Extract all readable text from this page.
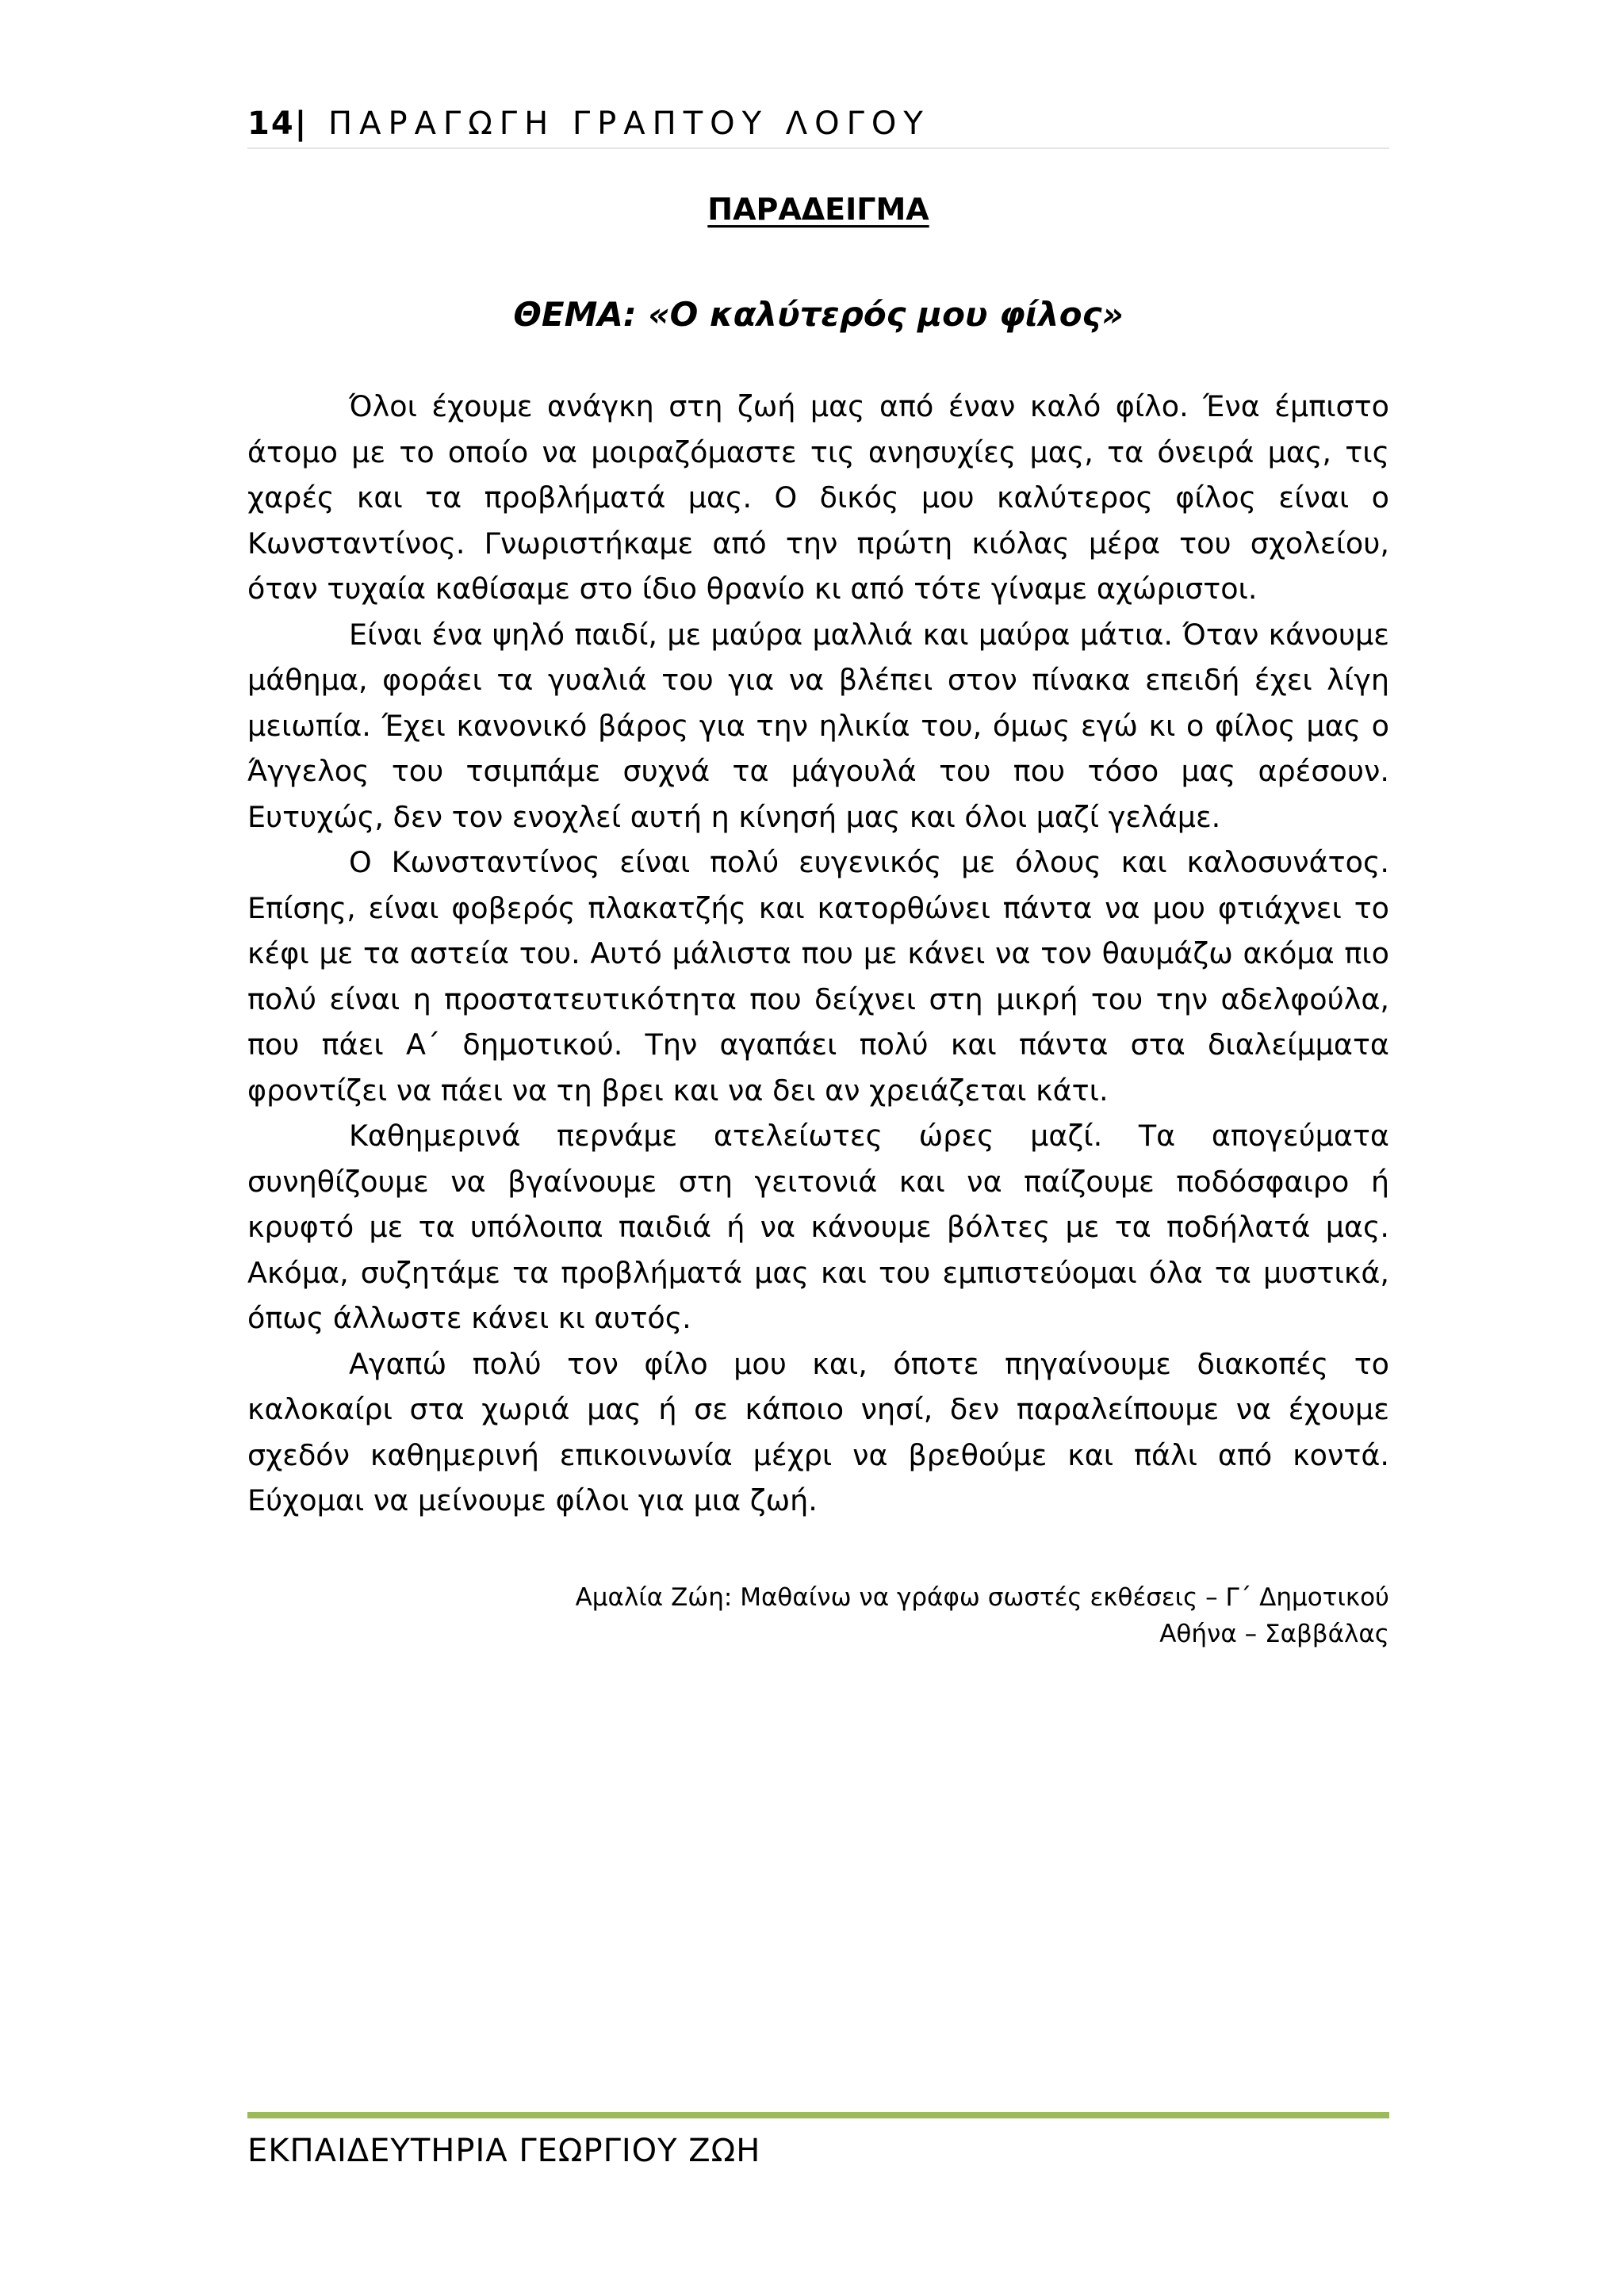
14| ΠΑΡΑΓΩΓΗ ΓΡΑΠΤΟΥ ΛΟΓΟΥ
ΠΑΡΑΔΕΙΓΜΑ
ΘΕΜΑ: «Ο καλύτερός μου φίλος»

Όλοι έχουμε ανάγκη στη ζωή μας από έναν καλό φίλο. Ένα έμπιστο άτομο με το οποίο να μοιραζόμαστε τις ανησυχίες μας, τα όνειρά μας, τις χαρές και τα προβλήματά μας. Ο δικός μου καλύτερος φίλος είναι ο Κωνσταντίνος. Γνωριστήκαμε από την πρώτη κιόλας μέρα του σχολείου, όταν τυχαία καθίσαμε στο ίδιο θρανίο κι από τότε γίναμε αχώριστοι.

Είναι ένα ψηλό παιδί, με μαύρα μαλλιά και μαύρα μάτια. Όταν κάνουμε μάθημα, φοράει τα γυαλιά του για να βλέπει στον πίνακα επειδή έχει λίγη μειωπία. Έχει κανονικό βάρος για την ηλικία του, όμως εγώ κι ο φίλος μας ο Άγγελος του τσιμπάμε συχνά τα μάγουλά του που τόσο μας αρέσουν. Ευτυχώς, δεν τον ενοχλεί αυτή η κίνησή μας και όλοι μαζί γελάμε.

Ο Κωνσταντίνος είναι πολύ ευγενικός με όλους και καλοσυνάτος. Επίσης, είναι φοβερός πλακατζής και κατορθώνει πάντα να μου φτιάχνει το κέφι με τα αστεία του. Αυτό μάλιστα που με κάνει να τον θαυμάζω ακόμα πιο πολύ είναι η προστατευτικότητα που δείχνει στη μικρή του την αδελφούλα, που πάει Α΄ δημοτικού. Την αγαπάει πολύ και πάντα στα διαλείμματα φροντίζει να πάει να τη βρει και να δει αν χρειάζεται κάτι.

Καθημερινά περνάμε ατελείωτες ώρες μαζί. Τα απογεύματα συνηθίζουμε να βγαίνουμε στη γειτονιά και να παίζουμε ποδόσφαιρο ή κρυφτό με τα υπόλοιπα παιδιά ή να κάνουμε βόλτες με τα ποδήλατά μας. Ακόμα, συζητάμε τα προβλήματά μας και του εμπιστεύομαι όλα τα μυστικά, όπως άλλωστε κάνει κι αυτός.

Αγαπώ πολύ τον φίλο μου και, όποτε πηγαίνουμε διακοπές το καλοκαίρι στα χωριά μας ή σε κάποιο νησί, δεν παραλείπουμε να έχουμε σχεδόν καθημερινή επικοινωνία μέχρι να βρεθούμε και πάλι από κοντά. Εύχομαι να μείνουμε φίλοι για μια ζωή.

Αμαλία Ζώη: Μαθαίνω να γράφω σωστές εκθέσεις – Γ΄ Δημοτικού
Αθήνα – Σαββάλας
ΕΚΠΑΙΔΕΥΤΗΡΙΑ ΓΕΩΡΓΙΟΥ ΖΩΗ
